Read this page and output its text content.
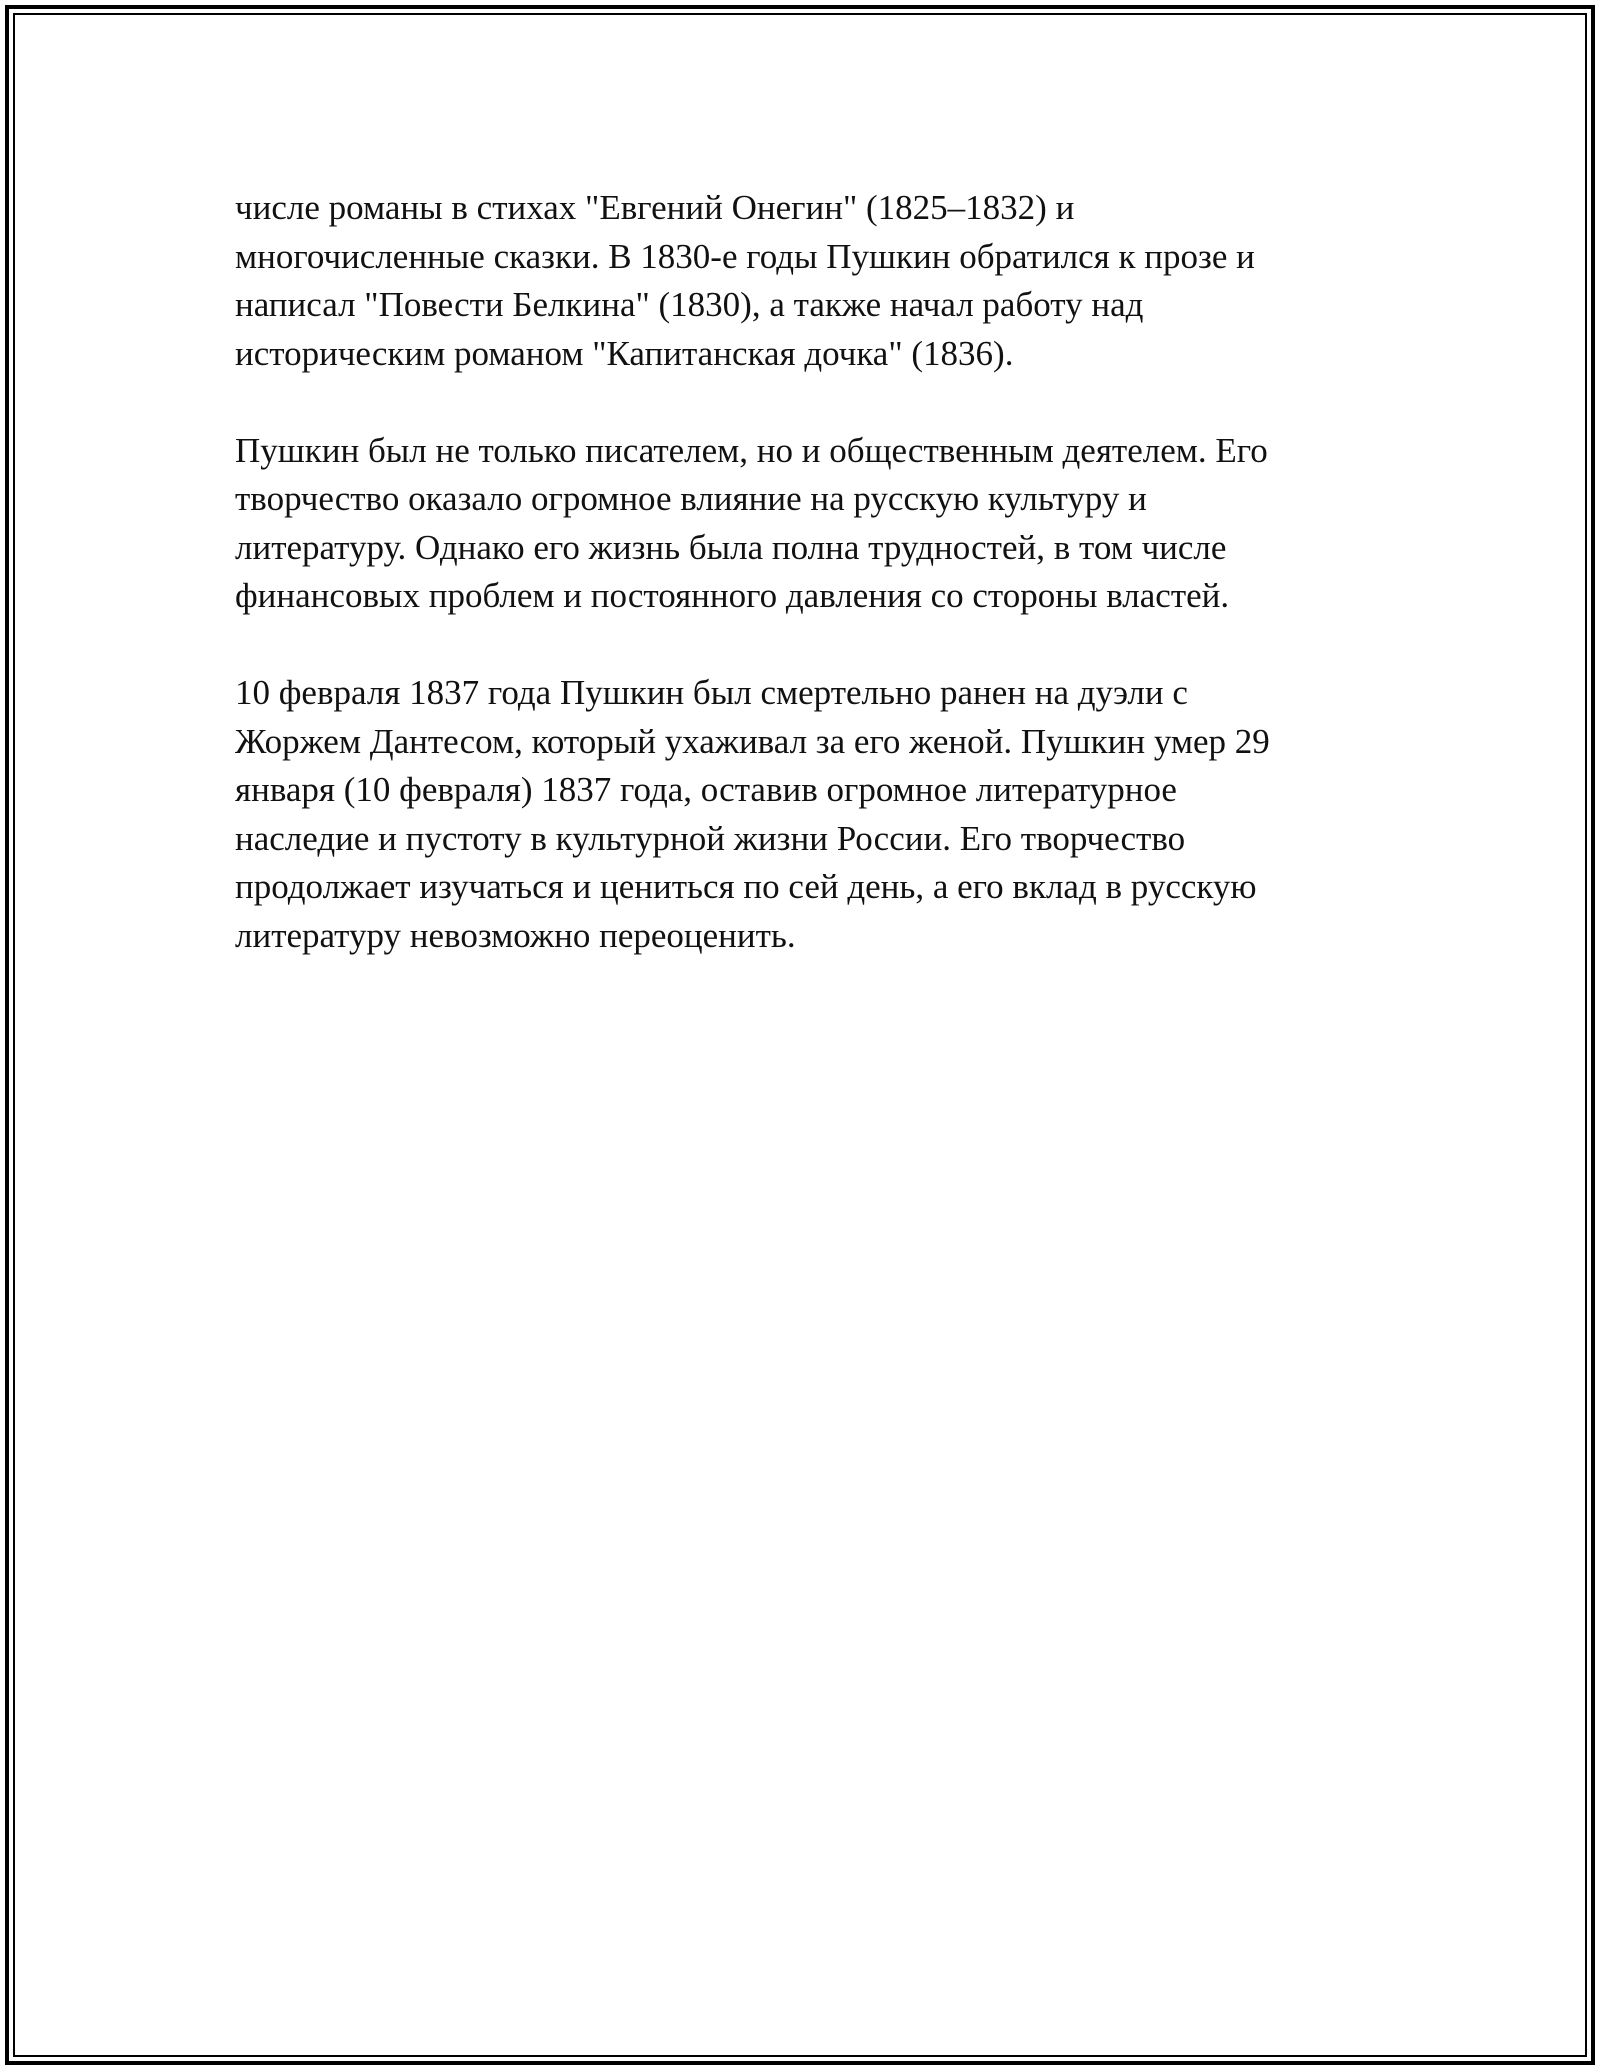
числе романы в стихах "Евгений Онегин" (1825–1832) и
многочисленные сказки. В 1830-е годы Пушкин обратился к прозе и
написал "Повести Белкина" (1830), а также начал работу над
историческим романом "Капитанская дочка" (1836).

Пушкин был не только писателем, но и общественным деятелем. Его
творчество оказало огромное влияние на русскую культуру и
литературу. Однако его жизнь была полна трудностей, в том числе
финансовых проблем и постоянного давления со стороны властей.

10 февраля 1837 года Пушкин был смертельно ранен на дуэли с
Жоржем Дантесом, который ухаживал за его женой. Пушкин умер 29
января (10 февраля) 1837 года, оставив огромное литературное
наследие и пустоту в культурной жизни России. Его творчество
продолжает изучаться и цениться по сей день, а его вклад в русскую
литературу невозможно переоценить.
